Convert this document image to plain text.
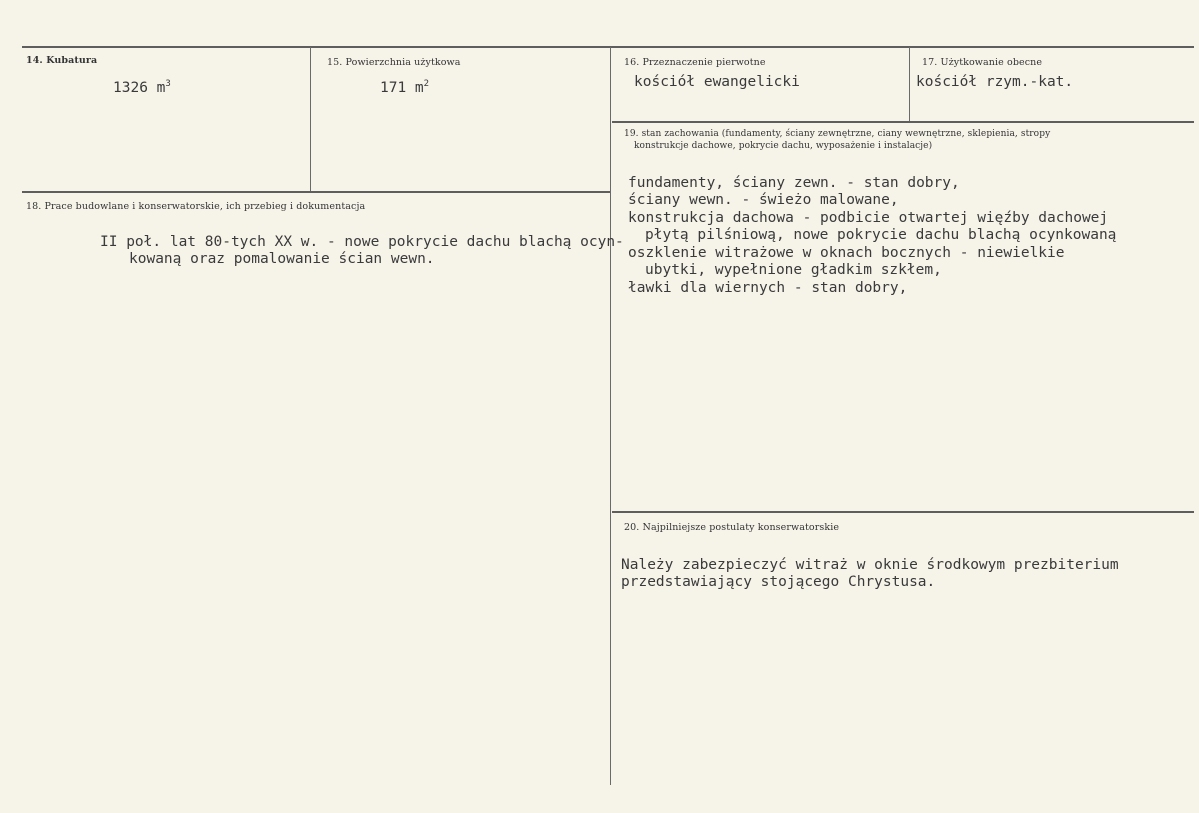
14. Kubatura
1326 $m^3$
15. Powierzchnia użytkowa
171 $m^2$
16. Przeznaczenie pierwotne
kościół ewangelicki
17. Użytkowanie obecne
kościół rzym.-kat.
18. Prace budowlane i konserwatorskie, ich przebieg i dokumentacja

II poł. lat 80-tych XX w. - nowe pokrycie dachu blachą ocyn-
kowaną oraz pomalowanie ścian wewn.
19. stan zachowania (fundamenty, ściany zewnętrzne, ciany wewnętrzne, sklepienia, stropy
konstrukcje dachowe, pokrycie dachu, wyposażenie i instalacje)

fundamenty, ściany zewn. - stan dobry,
ściany wewn. - świeżo malowane,
konstrukcja dachowa - podbicie otwartej więźby dachowej
płytą pilśniową, nowe pokrycie dachu blachą ocynkowaną
oszklenie witrażowe w oknach bocznych - niewielkie
ubytki, wypełnione gładkim szkłem,
ławki dla wiernych - stan dobry,
20. Najpilniejsze postulaty konserwatorskie

Należy zabezpieczyć witraż w oknie środkowym prezbiterium
przedstawiający stojącego Chrystusa.
